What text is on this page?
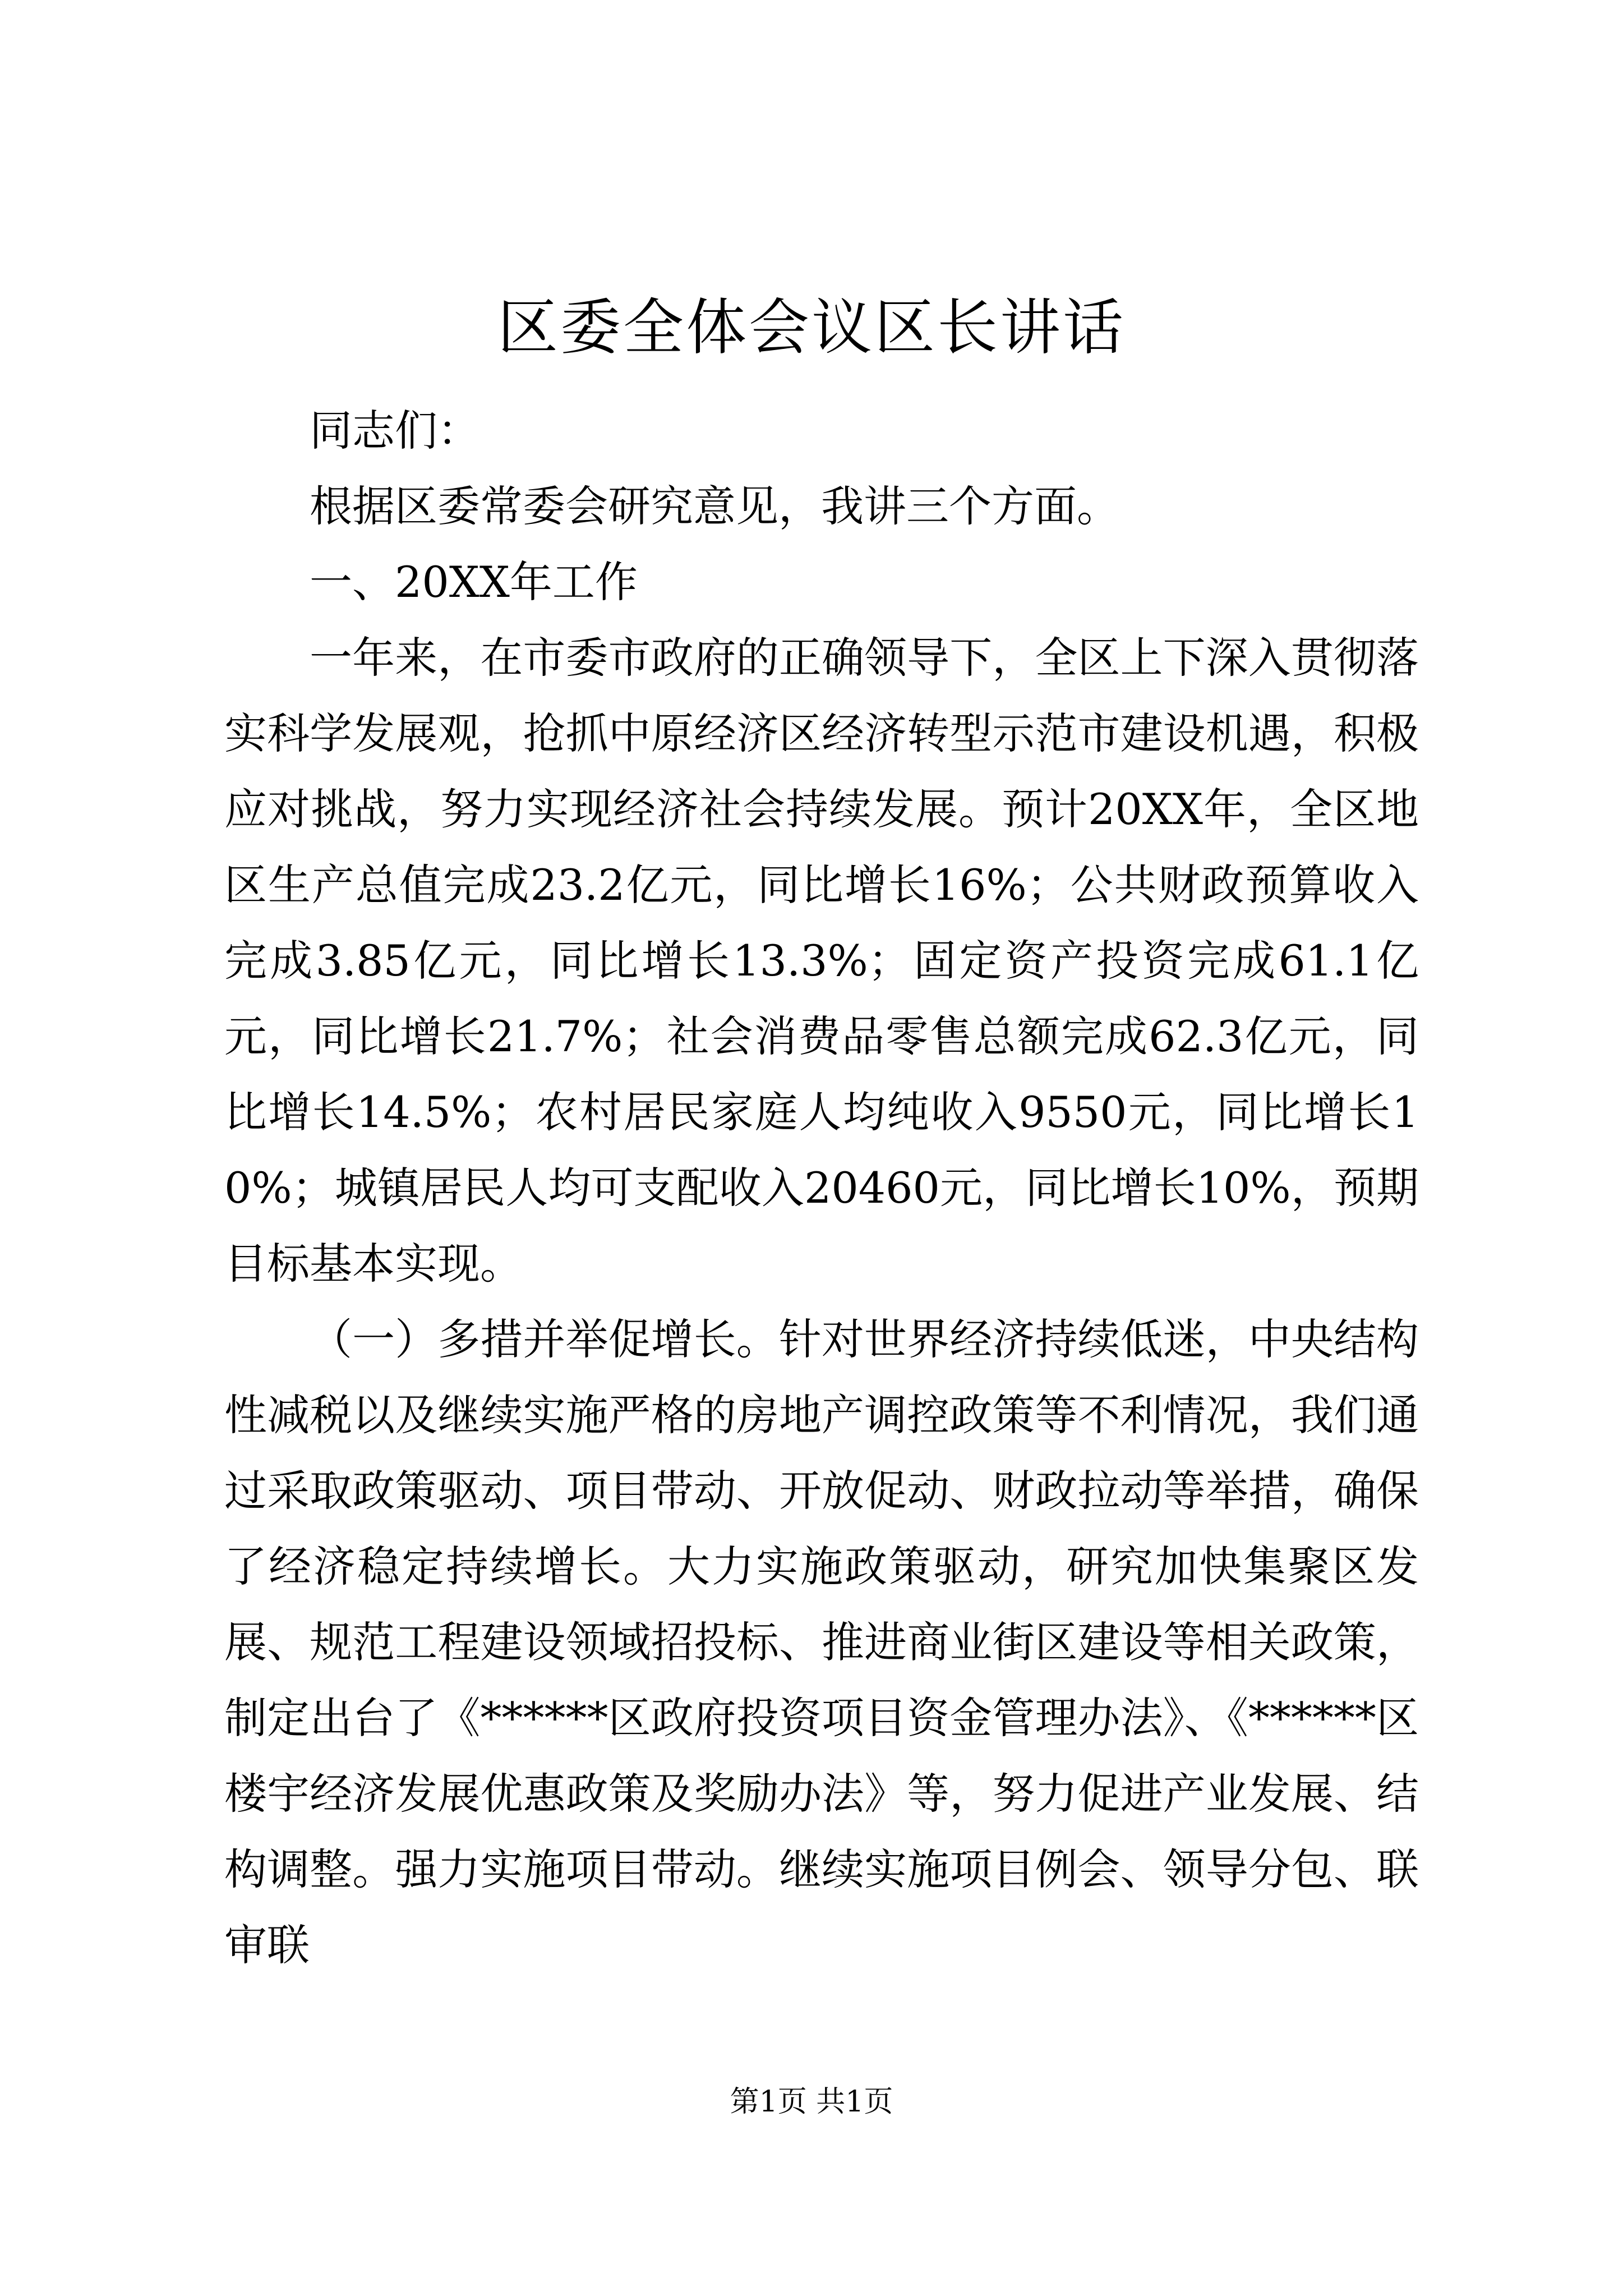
区委全体会议区长讲话

同志们：

根据区委常委会研究意见，我讲三个方面。

一、20XX年工作

一年来，在市委市政府的正确领导下，全区上下深入贯彻落实科学发展观，抢抓中原经济区经济转型示范市建设机遇，积极应对挑战，努力实现经济社会持续发展。预计20XX年，全区地区生产总值完成23.2亿元，同比增长16%；公共财政预算收入完成3.85亿元，同比增长13.3%；固定资产投资完成61.1亿元，同比增长21.7%；社会消费品零售总额完成62.3亿元，同比增长14.5%；农村居民家庭人均纯收入9550元，同比增长10%；城镇居民人均可支配收入20460元，同比增长10%，预期目标基本实现。

（一）多措并举促增长。针对世界经济持续低迷，中央结构性减税以及继续实施严格的房地产调控政策等不利情况，我们通过采取政策驱动、项目带动、开放促动、财政拉动等举措，确保了经济稳定持续增长。大力实施政策驱动，研究加快集聚区发展、规范工程建设领域招投标、推进商业街区建设等相关政策，制定出台了《******区政府投资项目资金管理办法》、《******区楼宇经济发展优惠政策及奖励办法》等，努力促进产业发展、结构调整。强力实施项目带动。继续实施项目例会、领导分包、联审联

第1页 共1页
